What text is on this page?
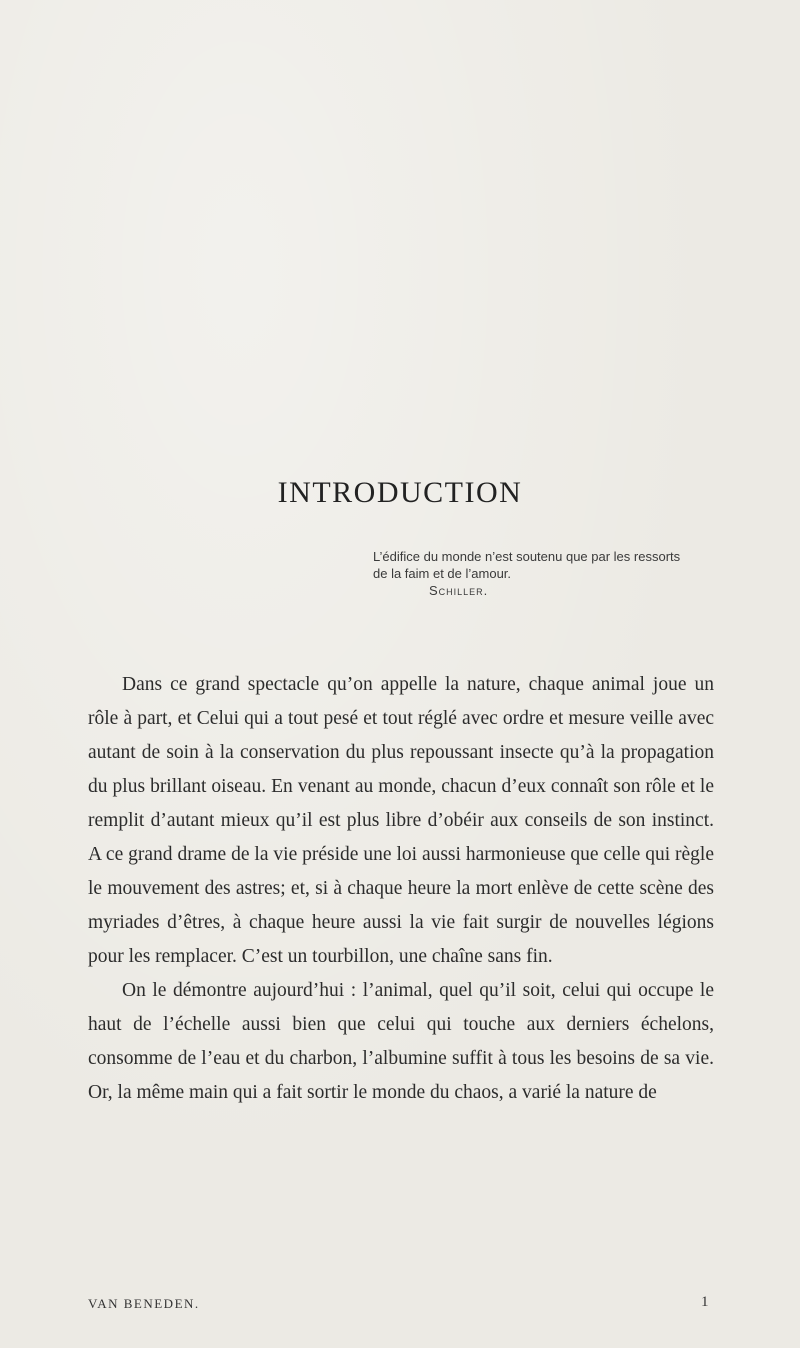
INTRODUCTION

L’édifice du monde n’est soutenu que par les ressorts de la faim et de l’amour.

Schiller.

Dans ce grand spectacle qu’on appelle la nature, chaque animal joue un rôle à part, et Celui qui a tout pesé et tout réglé avec ordre et mesure veille avec autant de soin à la conservation du plus repoussant insecte qu’à la propagation du plus brillant oiseau. En venant au monde, chacun d’eux connaît son rôle et le remplit d’autant mieux qu’il est plus libre d’obéir aux conseils de son instinct. A ce grand drame de la vie préside une loi aussi harmonieuse que celle qui règle le mouvement des astres; et, si à chaque heure la mort enlève de cette scène des myriades d’êtres, à chaque heure aussi la vie fait surgir de nouvelles légions pour les remplacer. C’est un tourbillon, une chaîne sans fin.

On le démontre aujourd’hui : l’animal, quel qu’il soit, celui qui occupe le haut de l’échelle aussi bien que celui qui touche aux derniers échelons, consomme de l’eau et du charbon, l’albumine suffit à tous les besoins de sa vie. Or, la même main qui a fait sortir le monde du chaos, a varié la nature de

VAN BENEDEN.	1
